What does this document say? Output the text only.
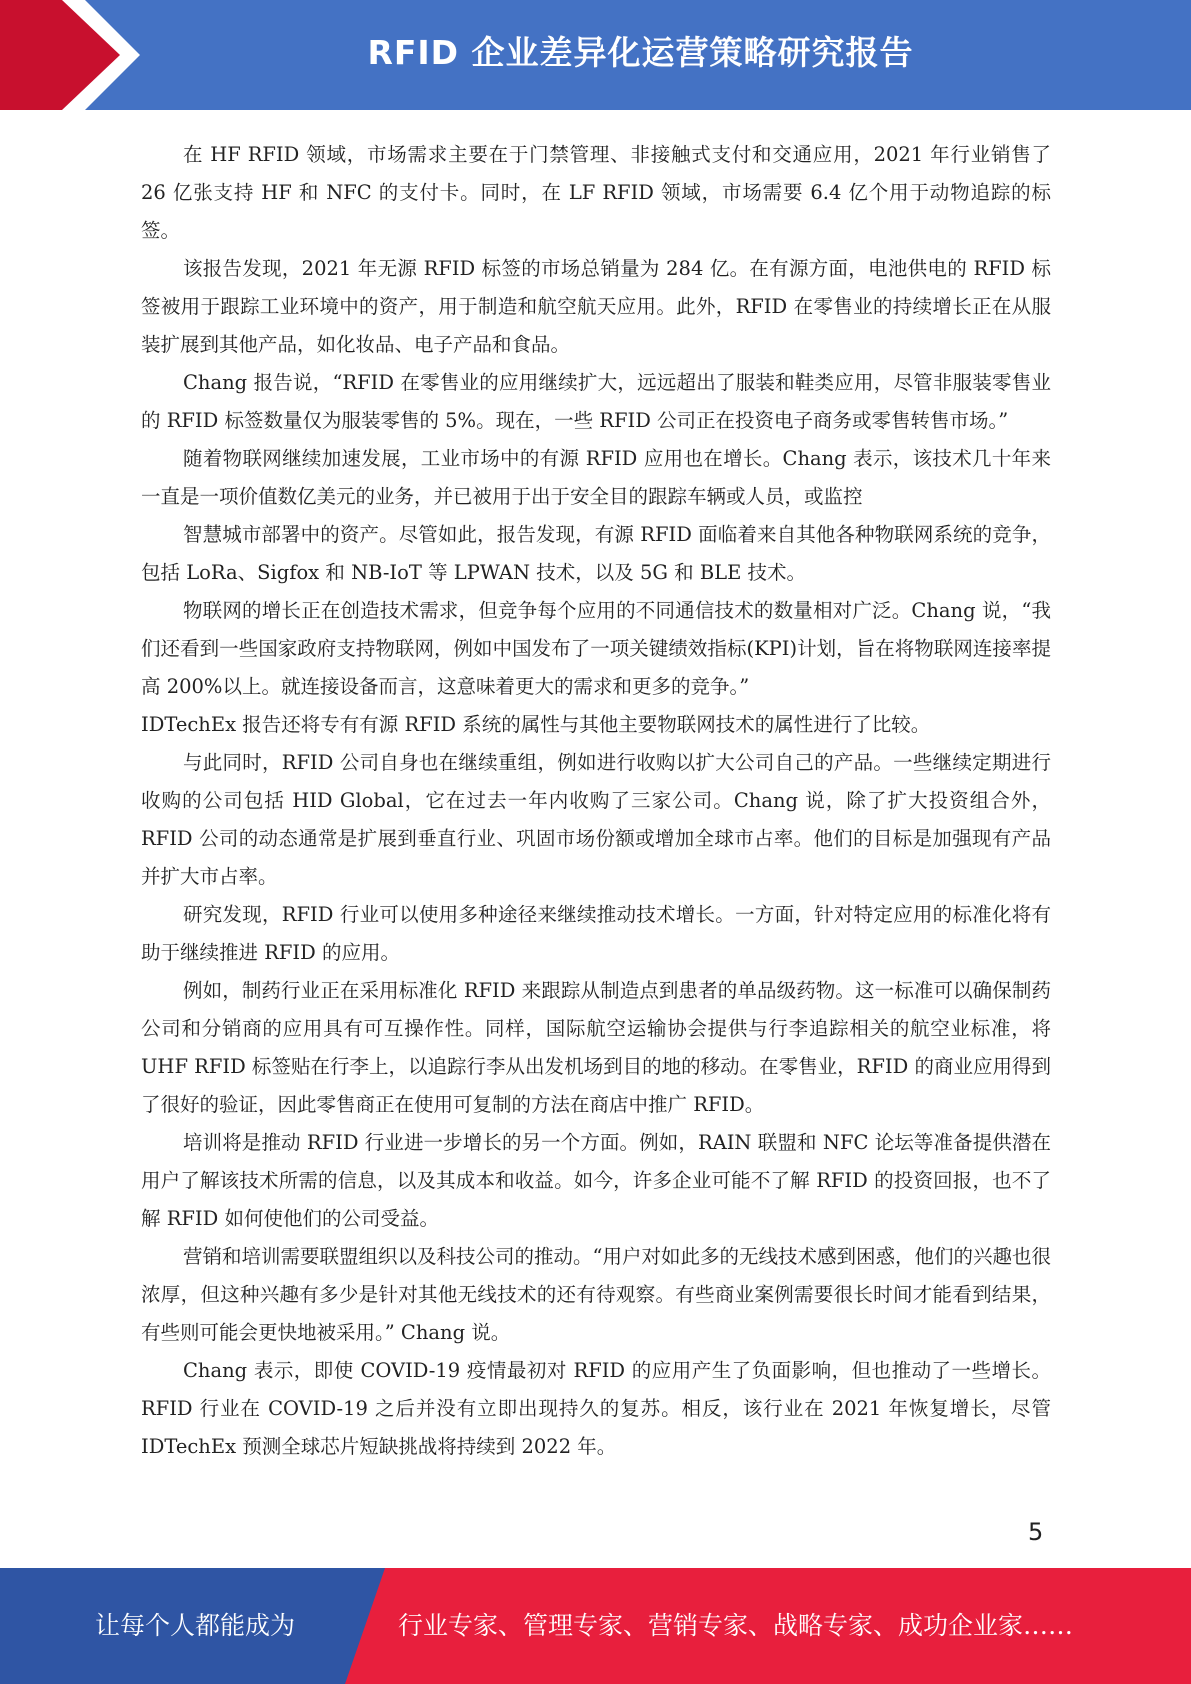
RFID 企业差异化运营策略研究报告

在 HF RFID 领域，市场需求主要在于门禁管理、非接触式支付和交通应用，2021 年行业销售了 26 亿张支持 HF 和 NFC 的支付卡。同时，在 LF RFID 领域，市场需要 6.4 亿个用于动物追踪的标签。

该报告发现，2021 年无源 RFID 标签的市场总销量为 284 亿。在有源方面，电池供电的 RFID 标签被用于跟踪工业环境中的资产，用于制造和航空航天应用。此外，RFID 在零售业的持续增长正在从服装扩展到其他产品，如化妆品、电子产品和食品。

Chang 报告说，“RFID 在零售业的应用继续扩大，远远超出了服装和鞋类应用，尽管非服装零售业的 RFID 标签数量仅为服装零售的 5%。现在，一些 RFID 公司正在投资电子商务或零售转售市场。”

随着物联网继续加速发展，工业市场中的有源 RFID 应用也在增长。Chang 表示，该技术几十年来一直是一项价值数亿美元的业务，并已被用于出于安全目的跟踪车辆或人员，或监控

智慧城市部署中的资产。尽管如此，报告发现，有源 RFID 面临着来自其他各种物联网系统的竞争，包括 LoRa、Sigfox 和 NB-IoT 等 LPWAN 技术，以及 5G 和 BLE 技术。

物联网的增长正在创造技术需求，但竞争每个应用的不同通信技术的数量相对广泛。Chang 说，“我们还看到一些国家政府支持物联网，例如中国发布了一项关键绩效指标(KPI)计划，旨在将物联网连接率提高 200%以上。就连接设备而言，这意味着更大的需求和更多的竞争。”

IDTechEx 报告还将专有有源 RFID 系统的属性与其他主要物联网技术的属性进行了比较。

与此同时，RFID 公司自身也在继续重组，例如进行收购以扩大公司自己的产品。一些继续定期进行收购的公司包括 HID Global，它在过去一年内收购了三家公司。Chang 说，除了扩大投资组合外，RFID 公司的动态通常是扩展到垂直行业、巩固市场份额或增加全球市占率。他们的目标是加强现有产品并扩大市占率。

研究发现，RFID 行业可以使用多种途径来继续推动技术增长。一方面，针对特定应用的标准化将有助于继续推进 RFID 的应用。

例如，制药行业正在采用标准化 RFID 来跟踪从制造点到患者的单品级药物。这一标准可以确保制药公司和分销商的应用具有可互操作性。同样，国际航空运输协会提供与行李追踪相关的航空业标准，将 UHF RFID 标签贴在行李上，以追踪行李从出发机场到目的地的移动。在零售业，RFID 的商业应用得到了很好的验证，因此零售商正在使用可复制的方法在商店中推广 RFID。

培训将是推动 RFID 行业进一步增长的另一个方面。例如，RAIN 联盟和 NFC 论坛等准备提供潜在用户了解该技术所需的信息，以及其成本和收益。如今，许多企业可能不了解 RFID 的投资回报，也不了解 RFID 如何使他们的公司受益。

营销和培训需要联盟组织以及科技公司的推动。“用户对如此多的无线技术感到困惑，他们的兴趣也很浓厚，但这种兴趣有多少是针对其他无线技术的还有待观察。有些商业案例需要很长时间才能看到结果，有些则可能会更快地被采用。” Chang 说。

Chang 表示，即使 COVID-19 疫情最初对 RFID 的应用产生了负面影响，但也推动了一些增长。RFID 行业在 COVID-19 之后并没有立即出现持久的复苏。相反，该行业在 2021 年恢复增长，尽管 IDTechEx 预测全球芯片短缺挑战将持续到 2022 年。

5
让每个人都能成为	行业专家、管理专家、营销专家、战略专家、成功企业家……
